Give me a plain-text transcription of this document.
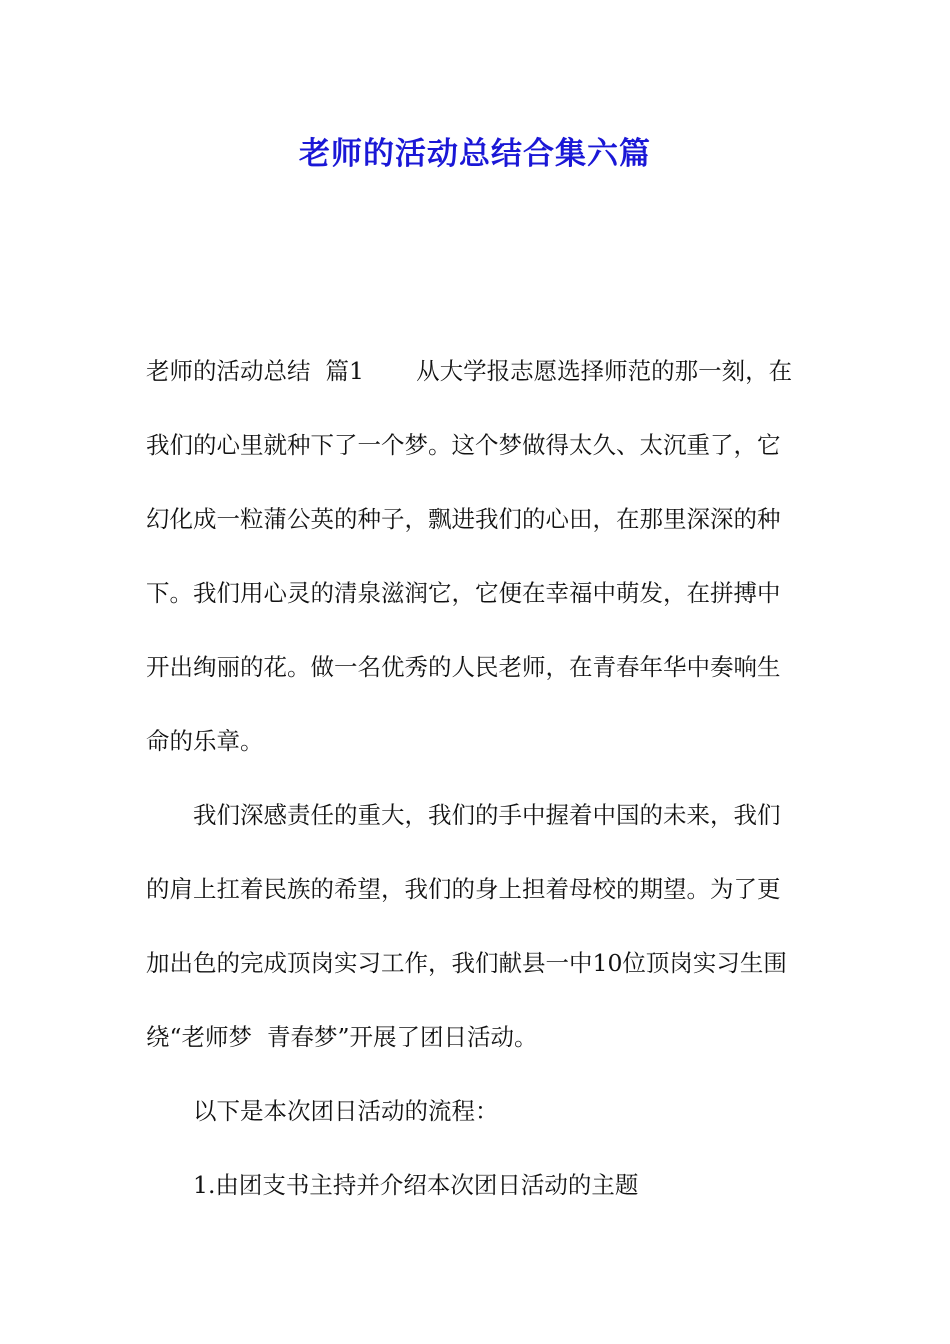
老师的活动总结合集六篇

老师的活动总结  篇1       从大学报志愿选择师范的那一刻，在

我们的心里就种下了一个梦。这个梦做得太久、太沉重了，它

幻化成一粒蒲公英的种子，飘进我们的心田，在那里深深的种

下。我们用心灵的清泉滋润它，它便在幸福中萌发，在拼搏中

开出绚丽的花。做一名优秀的人民老师，在青春年华中奏响生

命的乐章。

我们深感责任的重大，我们的手中握着中国的未来，我们

的肩上扛着民族的希望，我们的身上担着母校的期望。为了更

加出色的完成顶岗实习工作，我们献县一中10位顶岗实习生围

绕“老师梦  青春梦”开展了团日活动。

以下是本次团日活动的流程：

1.由团支书主持并介绍本次团日活动的主题
